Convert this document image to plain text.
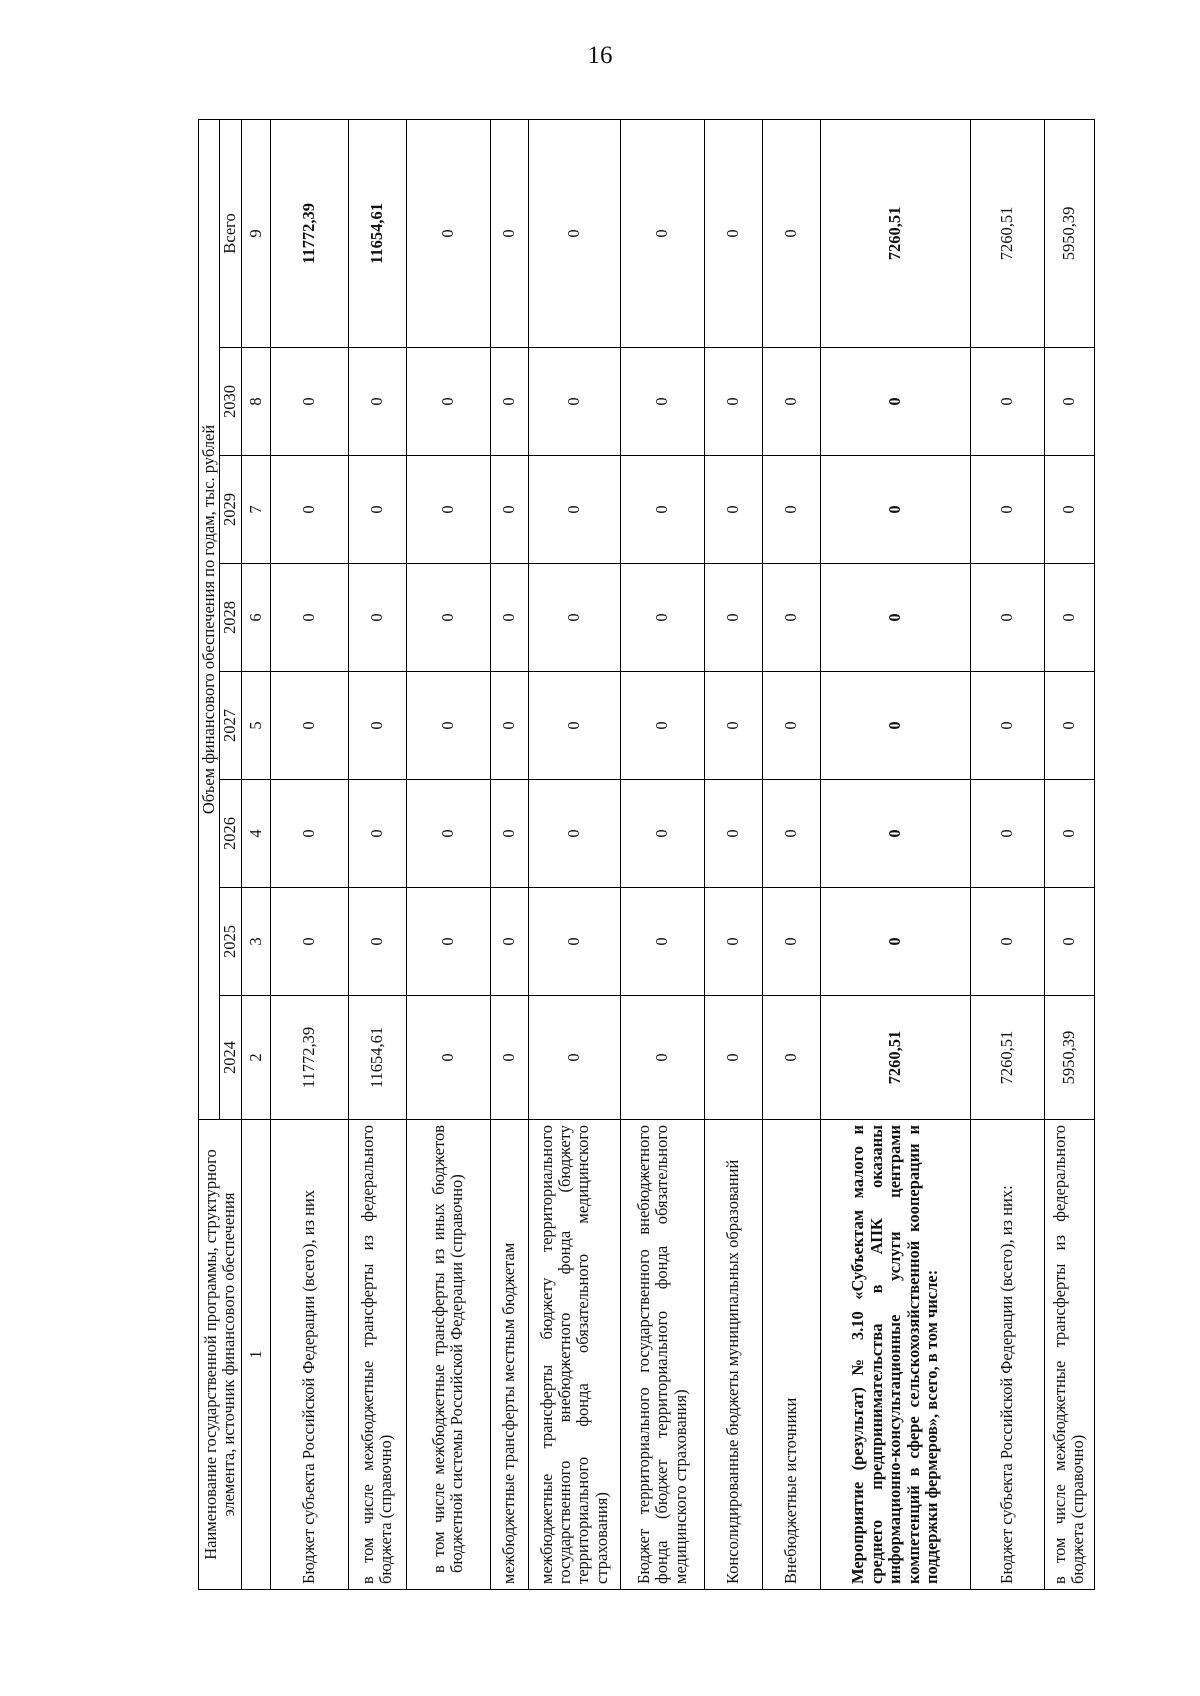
16
Наименование государственной программы, структурного элемента, источник финансового обеспечения	Объем финансового обеспечения по годам, тыс. рублей							
	2024	2025	2026	2027	2028	2029	2030	Всего
1	2	3	4	5	6	7	8	9
Бюджет субъекта Российской Федерации (всего), из них	11772,39	0	0	0	0	0	0	11772,39
в том числе межбюджетные трансферты из федерального бюджета (справочно)	11654,61	0	0	0	0	0	0	11654,61
в том числе межбюджетные трансферты из иных бюджетов бюджетной системы Российской Федерации (справочно)	0	0	0	0	0	0	0	0
межбюджетные трансферты местным бюджетам	0	0	0	0	0	0	0	0
межбюджетные трансферты бюджету территориального государственного внебюджетного фонда (бюджету территориального фонда обязательного медицинского страхования)	0	0	0	0	0	0	0	0
Бюджет территориального государственного внебюджетного фонда (бюджет территориального фонда обязательного медицинского страхования)	0	0	0	0	0	0	0	0
Консолидированные бюджеты муниципальных образований	0	0	0	0	0	0	0	0
Внебюджетные источники	0	0	0	0	0	0	0	0
Мероприятие (результат) № 3.10 «Субъектам малого и среднего предпринимательства в АПК оказаны информационно-консультационные услуги центрами компетенций в сфере сельскохозяйственной кооперации и поддержки фермеров», всего, в том числе:	7260,51	0	0	0	0	0	0	7260,51
Бюджет субъекта Российской Федерации (всего), из них:	7260,51	0	0	0	0	0	0	7260,51
в том числе межбюджетные трансферты из федерального бюджета (справочно)	5950,39	0	0	0	0	0	0	5950,39
